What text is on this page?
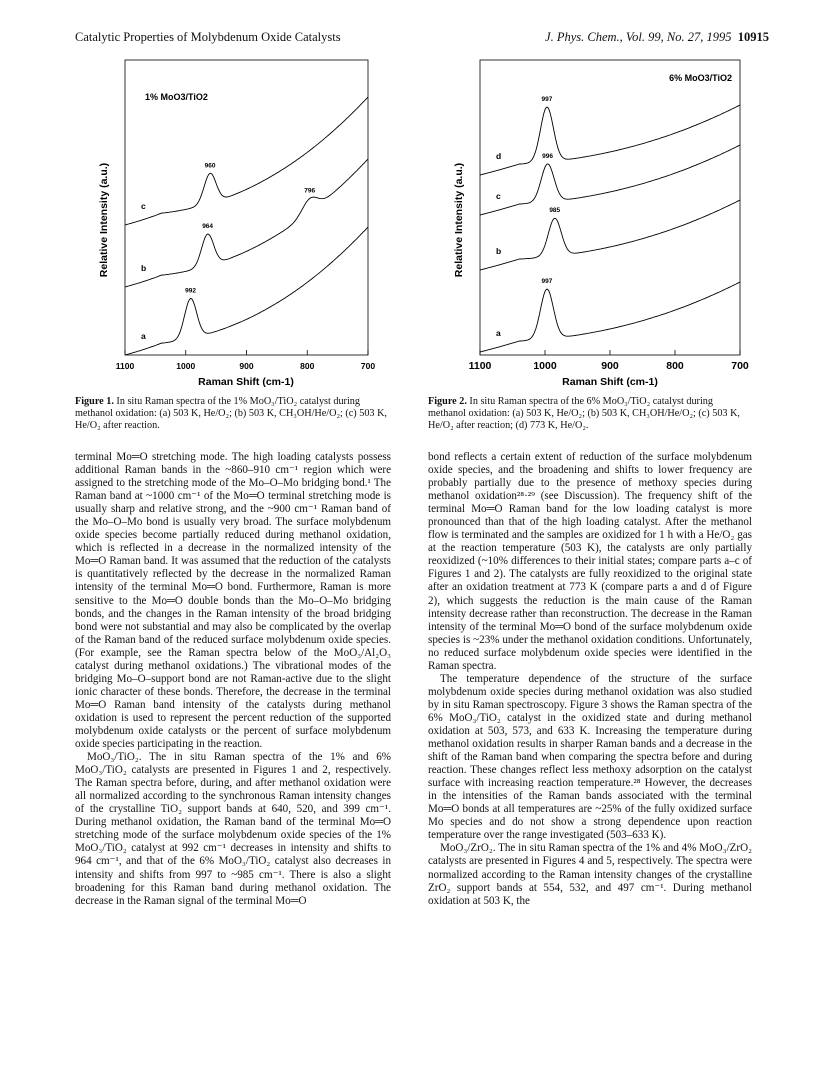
Catalytic Properties of Molybdenum Oxide Catalysts	J. Phys. Chem., Vol. 99, No. 27, 1995 10915
Relative Intensity (a.u.)
1% MoO3/TiO2
1100	1000	900	800	700
a
992
b
964
796
c
960
Raman Shift (cm-1)
Relative Intensity (a.u.)
6% MoO3/TiO2
1100	1000	900	800	700
a
997
b
985
c
996
d
997
Raman Shift (cm-1)
Figure 1. In situ Raman spectra of the 1% MoO₃/TiO₂ catalyst during methanol oxidation: (a) 503 K, He/O₂; (b) 503 K, CH₃OH/He/O₂; (c) 503 K, He/O₂ after reaction.
Figure 2. In situ Raman spectra of the 6% MoO₃/TiO₂ catalyst during methanol oxidation: (a) 503 K, He/O₂; (b) 503 K, CH₃OH/He/O₂; (c) 503 K, He/O₂ after reaction; (d) 773 K, He/O₂.

terminal Mo═O stretching mode. The high loading catalysts possess additional Raman bands in the ~860–910 cm⁻¹ region which were assigned to the stretching mode of the Mo–O–Mo bridging bond.¹ The Raman band at ~1000 cm⁻¹ of the Mo═O terminal stretching mode is usually sharp and relative strong, and the ~900 cm⁻¹ Raman band of the Mo–O–Mo bond is usually very broad. The surface molybdenum oxide species become partially reduced during methanol oxidation, which is reflected in a decrease in the normalized intensity of the Mo═O Raman band. It was assumed that the reduction of the catalysts is quantitatively reflected by the decrease in the normalized Raman intensity of the terminal Mo═O bond. Furthermore, Raman is more sensitive to the Mo═O double bonds than the Mo–O–Mo bridging bonds, and the changes in the Raman intensity of the broad bridging bond were not substantial and may also be complicated by the overlap of the Raman band of the reduced surface molybdenum oxide species. (For example, see the Raman spectra below of the MoO₃/Al₂O₃ catalyst during methanol oxidations.) The vibrational modes of the bridging Mo–O–support bond are not Raman-active due to the slight ionic character of these bonds. Therefore, the decrease in the terminal Mo═O Raman band intensity of the catalysts during methanol oxidation is used to represent the percent reduction of the supported molybdenum oxide catalysts or the percent of surface molybdenum oxide species participating in the reaction.

MoO₃/TiO₂. The in situ Raman spectra of the 1% and 6% MoO₃/TiO₂ catalysts are presented in Figures 1 and 2, respectively. The Raman spectra before, during, and after methanol oxidation were all normalized according to the synchronous Raman intensity changes of the crystalline TiO₂ support bands at 640, 520, and 399 cm⁻¹. During methanol oxidation, the Raman band of the terminal Mo═O stretching mode of the surface molybdenum oxide species of the 1% MoO₃/TiO₂ catalyst at 992 cm⁻¹ decreases in intensity and shifts to 964 cm⁻¹, and that of the 6% MoO₃/TiO₂ catalyst also decreases in intensity and shifts from 997 to ~985 cm⁻¹. There is also a slight broadening for this Raman band during methanol oxidation. The decrease in the Raman signal of the terminal Mo═O

bond reflects a certain extent of reduction of the surface molybdenum oxide species, and the broadening and shifts to lower frequency are probably partially due to the presence of methoxy species during methanol oxidation²⁸·²⁹ (see Discussion). The frequency shift of the terminal Mo═O Raman band for the low loading catalyst is more pronounced than that of the high loading catalyst. After the methanol flow is terminated and the samples are oxidized for 1 h with a He/O₂ gas at the reaction temperature (503 K), the catalysts are only partially reoxidized (~10% differences to their initial states; compare parts a–c of Figures 1 and 2). The catalysts are fully reoxidized to the original state after an oxidation treatment at 773 K (compare parts a and d of Figure 2), which suggests the reduction is the main cause of the Raman intensity decrease rather than reconstruction. The decrease in the Raman intensity of the terminal Mo═O bond of the surface molybdenum oxide species is ~23% under the methanol oxidation conditions. Unfortunately, no reduced surface molybdenum oxide species were identified in the Raman spectra.

The temperature dependence of the structure of the surface molybdenum oxide species during methanol oxidation was also studied by in situ Raman spectroscopy. Figure 3 shows the Raman spectra of the 6% MoO₃/TiO₂ catalyst in the oxidized state and during methanol oxidation at 503, 573, and 633 K. Increasing the temperature during methanol oxidation results in sharper Raman bands and a decrease in the shift of the Raman band when comparing the spectra before and during reaction. These changes reflect less methoxy adsorption on the catalyst surface with increasing reaction temperature.²⁸ However, the decreases in the intensities of the Raman bands associated with the terminal Mo═O bonds at all temperatures are ~25% of the fully oxidized surface Mo species and do not show a strong dependence upon reaction temperature over the range investigated (503–633 K).

MoO₃/ZrO₂. The in situ Raman spectra of the 1% and 4% MoO₃/ZrO₂ catalysts are presented in Figures 4 and 5, respectively. The spectra were normalized according to the Raman intensity changes of the crystalline ZrO₂ support bands at 554, 532, and 497 cm⁻¹. During methanol oxidation at 503 K, the
